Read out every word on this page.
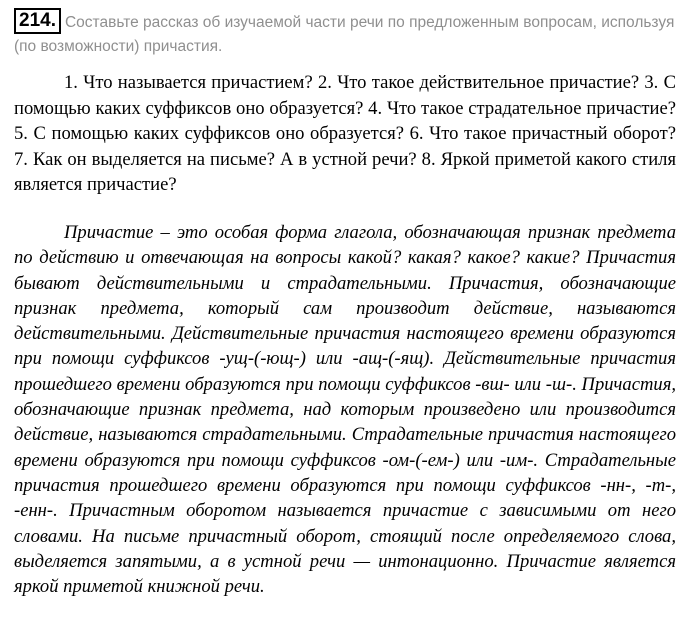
214. Составьте рассказ об изучаемой части речи по предложенным вопросам, используя (по возможности) причастия.

1. Что называется причастием? 2. Что такое действительное причастие? 3. С помощью каких суффиксов оно образуется? 4. Что такое страдательное причастие? 5. С помощью каких суффиксов оно образуется? 6. Что такое причастный оборот? 7. Как он выделяется на письме? А в устной речи? 8. Яркой приметой какого стиля является причастие?

Причастие – это особая форма глагола, обозначающая признак предмета по действию и отвечающая на вопросы какой? какая? какое? какие? Причастия бывают действительными и страдательными. Причастия, обозначающие признак предмета, который сам производит действие, называются действительными. Действительные причастия настоящего времени образуются при помощи суффиксов -ущ-(-ющ-) или -ащ-(-ящ). Действительные причастия прошедшего времени образуются при помощи суффиксов -вш- или -ш-. Причастия, обозначающие признак предмета, над которым произведено или производится действие, называются страдательными. Страдательные причастия настоящего времени образуются при помощи суффиксов -ом-(-ем-) или -им-. Страдательные причастия прошедшего времени образуются при помощи суффиксов -нн-, -т-, -енн-. Причастным оборотом называется причастие с зависимыми от него словами. На письме причастный оборот, стоящий после определяемого слова, выделяется запятыми, а в устной речи — интонационно. Причастие является яркой приметой книжной речи.
